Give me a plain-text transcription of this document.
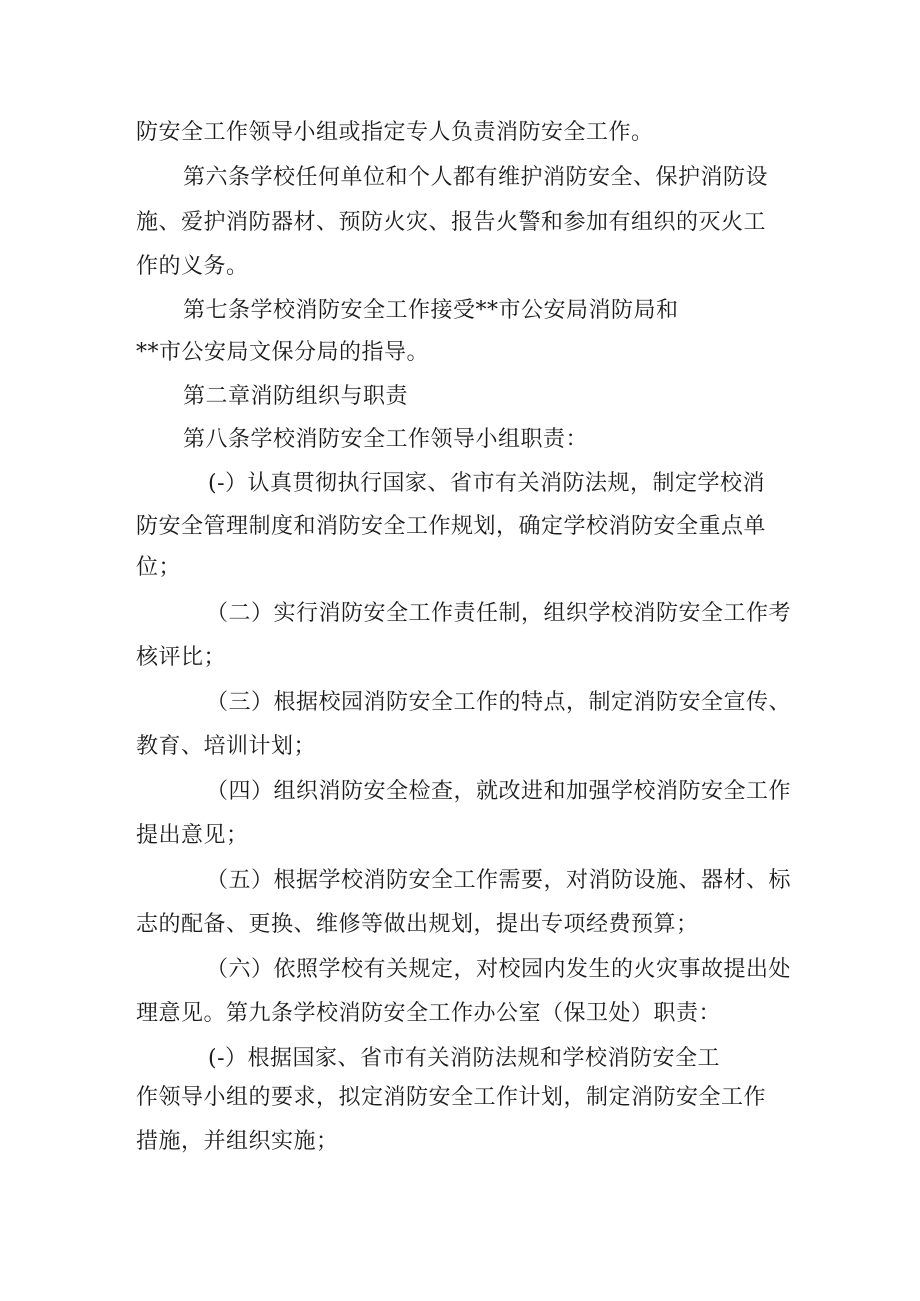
防安全工作领导小组或指定专人负责消防安全工作。
第六条学校任何单位和个人都有维护消防安全、保护消防设
施、爱护消防器材、预防火灾、报告火警和参加有组织的灭火工
作的义务。
第七条学校消防安全工作接受**市公安局消防局和
**市公安局文保分局的指导。
第二章消防组织与职责
第八条学校消防安全工作领导小组职责：
(-）认真贯彻执行国家、省市有关消防法规，制定学校消
防安全管理制度和消防安全工作规划，确定学校消防安全重点单
位；
（二）实行消防安全工作责任制，组织学校消防安全工作考
核评比；
（三）根据校园消防安全工作的特点，制定消防安全宣传、
教育、培训计划；
（四）组织消防安全检查，就改进和加强学校消防安全工作
提出意见；
（五）根据学校消防安全工作需要，对消防设施、器材、标
志的配备、更换、维修等做出规划，提出专项经费预算；
（六）依照学校有关规定，对校园内发生的火灾事故提出处
理意见。第九条学校消防安全工作办公室（保卫处）职责：
(-）根据国家、省市有关消防法规和学校消防安全工
作领导小组的要求，拟定消防安全工作计划，制定消防安全工作
措施，并组织实施；
